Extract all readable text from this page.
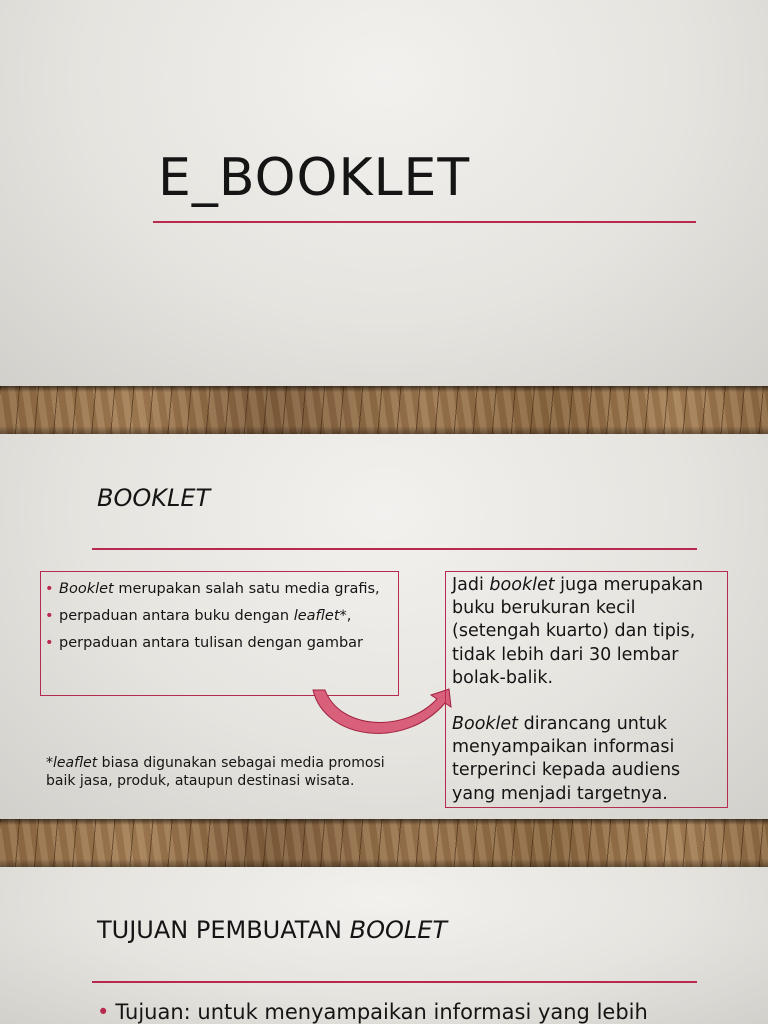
E_BOOKLET
BOOKLET
• Booklet merupakan salah satu media grafis,
• perpaduan antara buku dengan leaflet*,
• perpaduan antara tulisan dengan gambar
*leaflet biasa digunakan sebagai media promosi baik jasa, produk, ataupun destinasi wisata.

Jadi booklet juga merupakan buku berukuran kecil (setengah kuarto) dan tipis, tidak lebih dari 30 lembar bolak-balik.

Booklet dirancang untuk menyampaikan informasi terperinci kepada audiens yang menjadi targetnya.

TUJUAN PEMBUATAN BOOLET
• Tujuan: untuk menyampaikan informasi yang lebih
